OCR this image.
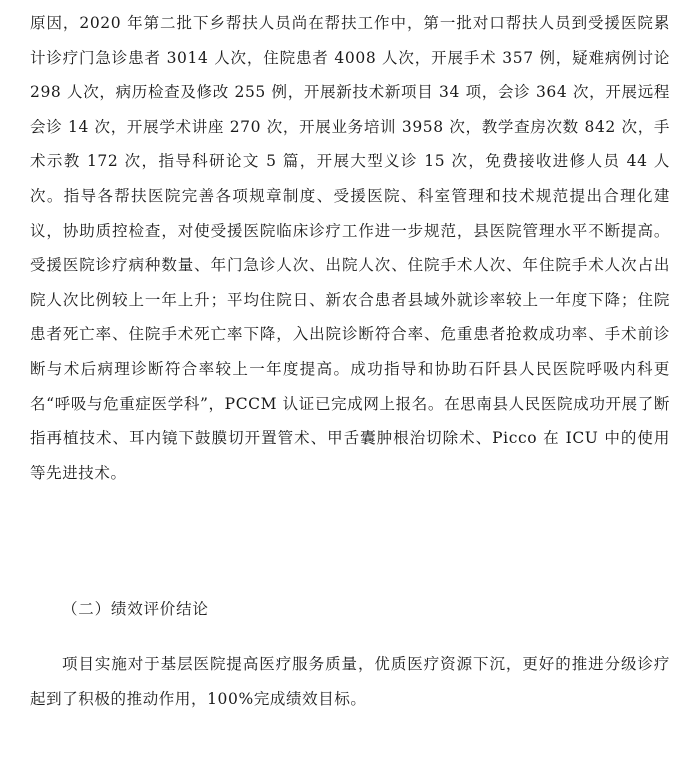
原因，2020 年第二批下乡帮扶人员尚在帮扶工作中，第一批对口帮扶人员到受援医院累计诊疗门急诊患者 3014 人次，住院患者 4008 人次，开展手术 357 例，疑难病例讨论 298 人次，病历检查及修改 255 例，开展新技术新项目 34 项，会诊 364 次，开展远程会诊 14 次，开展学术讲座 270 次，开展业务培训 3958 次，教学查房次数 842 次，手术示教 172 次，指导科研论文 5 篇，开展大型义诊 15 次，免费接收进修人员 44 人次。指导各帮扶医院完善各项规章制度、受援医院、科室管理和技术规范提出合理化建议，协助质控检查，对使受援医院临床诊疗工作进一步规范，县医院管理水平不断提高。受援医院诊疗病种数量、年门急诊人次、出院人次、住院手术人次、年住院手术人次占出院人次比例较上一年上升；平均住院日、新农合患者县域外就诊率较上一年度下降；住院患者死亡率、住院手术死亡率下降，入出院诊断符合率、危重患者抢救成功率、手术前诊断与术后病理诊断符合率较上一年度提高。成功指导和协助石阡县人民医院呼吸内科更名“呼吸与危重症医学科”，PCCM 认证已完成网上报名。在思南县人民医院成功开展了断指再植技术、耳内镜下鼓膜切开置管术、甲舌囊肿根治切除术、Picco 在 ICU 中的使用等先进技术。

（二）绩效评价结论

项目实施对于基层医院提高医疗服务质量，优质医疗资源下沉，更好的推进分级诊疗起到了积极的推动作用，100%完成绩效目标。
